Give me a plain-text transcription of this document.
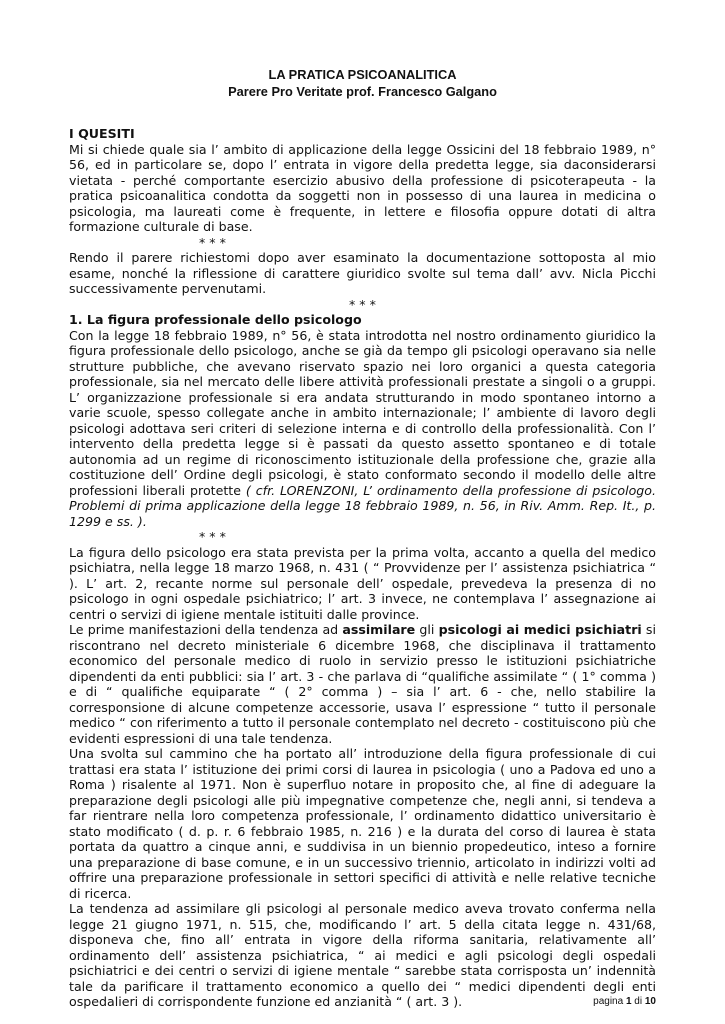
LA PRATICA PSICOANALITICA

Parere Pro Veritate prof. Francesco Galgano

I QUESITI

Mi si chiede quale sia l’ ambito di applicazione della legge Ossicini del 18 febbraio 1989, n° 56, ed in particolare se, dopo l’ entrata in vigore della predetta legge, sia daconsiderarsi vietata - perché comportante esercizio abusivo della professione di psicoterapeuta - la pratica psicoanalitica condotta da soggetti non in possesso di una laurea in medicina o psicologia, ma laureati come è frequente, in lettere e filosofia oppure dotati di altra formazione culturale di base.

* * *

Rendo il parere richiestomi dopo aver esaminato la documentazione sottoposta al mio esame, nonché la riflessione di carattere giuridico svolte sul tema dall’ avv. Nicla Picchi successivamente pervenutami.

* * *

1. La figura professionale dello psicologo

Con la legge 18 febbraio 1989, n° 56, è stata introdotta nel nostro ordinamento giuridico la figura professionale dello psicologo, anche se già da tempo gli psicologi operavano sia nelle strutture pubbliche, che avevano riservato spazio nei loro organici a questa categoria professionale, sia nel mercato delle libere attività professionali prestate a singoli o a gruppi. L’ organizzazione professionale si era andata strutturando in modo spontaneo intorno a varie scuole, spesso collegate anche in ambito internazionale; l’ ambiente di lavoro degli psicologi adottava seri criteri di selezione interna e di controllo della professionalità. Con l’ intervento della predetta legge si è passati da questo assetto spontaneo e di totale autonomia ad un regime di riconoscimento istituzionale della professione che, grazie alla costituzione dell’ Ordine degli psicologi, è stato conformato secondo il modello delle altre professioni liberali protette ( cfr. LORENZONI, L’ ordinamento della professione di psicologo. Problemi di prima applicazione della legge 18 febbraio 1989, n. 56, in Riv. Amm. Rep. It., p. 1299 e ss. ).

* * *

La figura dello psicologo era stata prevista per la prima volta, accanto a quella del medico psichiatra, nella legge 18 marzo 1968, n. 431 ( “ Provvidenze per l’ assistenza psichiatrica “ ). L’ art. 2, recante norme sul personale dell’ ospedale, prevedeva la presenza di no psicologo in ogni ospedale psichiatrico; l’ art. 3 invece, ne contemplava l’ assegnazione ai centri o servizi di igiene mentale istituiti dalle province.

Le prime manifestazioni della tendenza ad assimilare gli psicologi ai medici psichiatri si riscontrano nel decreto ministeriale 6 dicembre 1968, che disciplinava il trattamento economico del personale medico di ruolo in servizio presso le istituzioni psichiatriche dipendenti da enti pubblici: sia l’ art. 3 - che parlava di “qualifiche assimilate “ ( 1° comma ) e di “ qualifiche equiparate “ ( 2° comma ) – sia l’ art. 6 - che, nello stabilire la corresponsione di alcune competenze accessorie, usava l’ espressione “ tutto il personale medico “ con riferimento a tutto il personale contemplato nel decreto - costituiscono più che evidenti espressioni di una tale tendenza.

Una svolta sul cammino che ha portato all’ introduzione della figura professionale di cui trattasi era stata l’ istituzione dei primi corsi di laurea in psicologia ( uno a Padova ed uno a Roma ) risalente al 1971. Non è superfluo notare in proposito che, al fine di adeguare la preparazione degli psicologi alle più impegnative competenze che, negli anni, si tendeva a far rientrare nella loro competenza professionale, l’ ordinamento didattico universitario è stato modificato ( d. p. r. 6 febbraio 1985, n. 216 ) e la durata del corso di laurea è stata portata da quattro a cinque anni, e suddivisa in un biennio propedeutico, inteso a fornire una preparazione di base comune, e in un successivo triennio, articolato in indirizzi volti ad offrire una preparazione professionale in settori specifici di attività e nelle relative tecniche di ricerca.

La tendenza ad assimilare gli psicologi al personale medico aveva trovato conferma nella legge 21 giugno 1971, n. 515, che, modificando l’ art. 5 della citata legge n. 431/68, disponeva che, fino all’ entrata in vigore della riforma sanitaria, relativamente all’ ordinamento dell’ assistenza psichiatrica, “ ai medici e agli psicologi degli ospedali psichiatrici e dei centri o servizi di igiene mentale “ sarebbe stata corrisposta un’ indennità tale da parificare il trattamento economico a quello dei “ medici dipendenti degli enti ospedalieri di corrispondente funzione ed anzianità “ ( art. 3 ).	pagina 1 di 10
